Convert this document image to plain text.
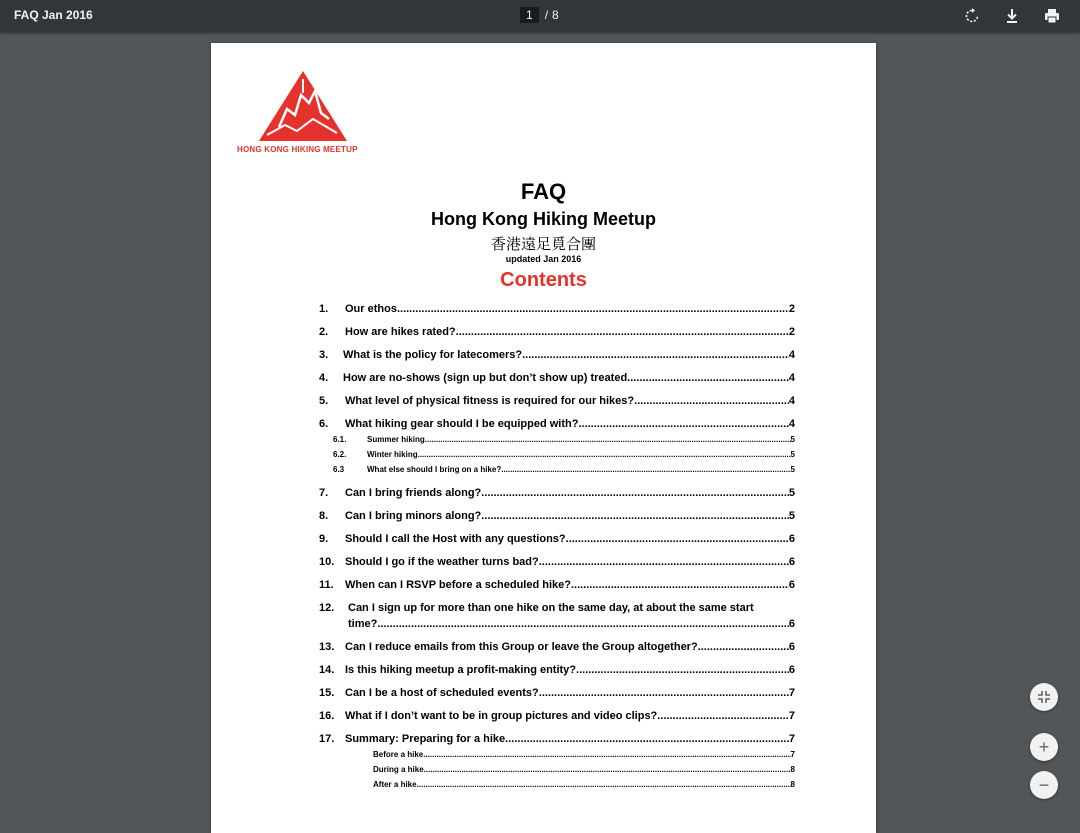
FAQ Jan 2016	1	/ 8
HONG KONG HIKING MEETUP
FAQ
Hong Kong Hiking Meetup
香港遠足覓合團
updated Jan 2016
Contents
1.	Our ethos .....	2
2.	How are hikes rated? .....	2
3.	What is the policy for latecomers? .....	4
4.	How are no-shows (sign up but don’t show up) treated .....	4
5.	What level of physical fitness is required for our hikes? .....	4
6.	What hiking gear should I be equipped with? .....	4
6.1.	Summer hiking .....	5
6.2.	Winter hiking .....	5
6.3	What else should I bring on a hike? .....	5
7.	Can I bring friends along? .....	5
8.	Can I bring minors along? .....	5
9.	Should I call the Host with any questions? .....	6
10. Should I go if the weather turns bad? .....	6
11.	When can I RSVP before a scheduled hike? .....	6
12.	Can I sign up for more than one hike on the same day, at about the same start
time? .....	6
13. Can I reduce emails from this Group or leave the Group altogether? .....	6
14. Is this hiking meetup a profit-making entity? .....	6
15. Can I be a host of scheduled events? .....	7
16. What if I don’t want to be in group pictures and video clips? .....	7
17. Summary: Preparing for a hike .....	7
Before a hike .....	7
During a hike .....	8
After a hike .....	8
+
−
